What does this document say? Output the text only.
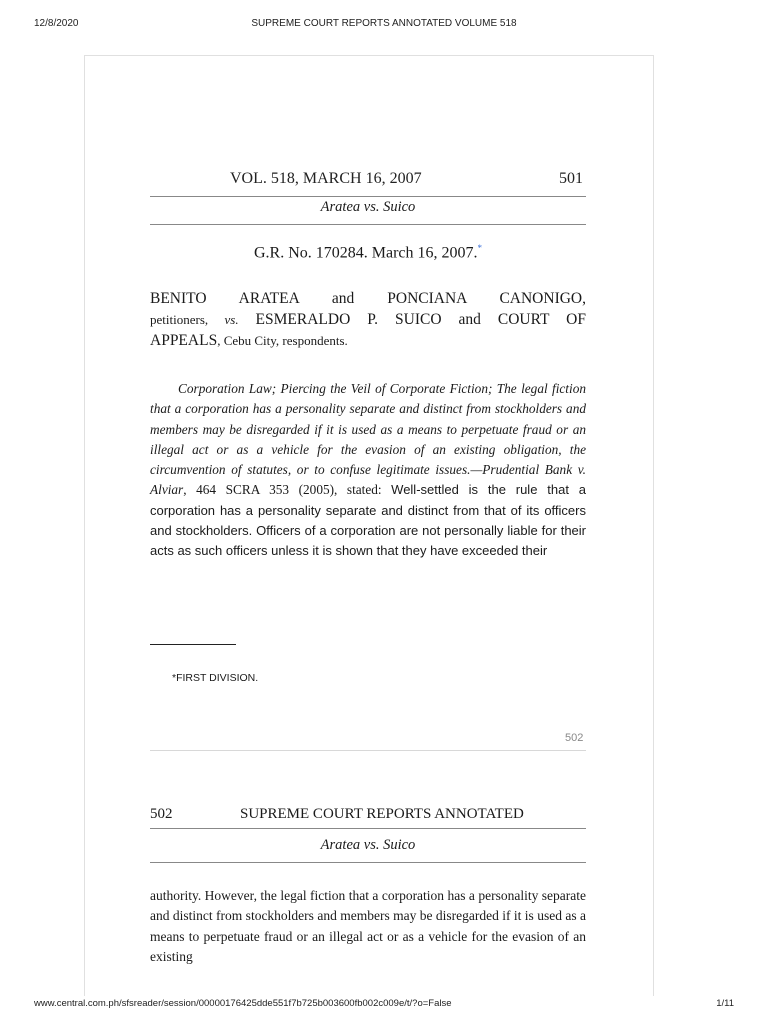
12/8/2020	SUPREME COURT REPORTS ANNOTATED VOLUME 518
VOL. 518, MARCH 16, 2007	501
Aratea vs. Suico
G.R. No. 170284. March 16, 2007.*
BENITO ARATEA and PONCIANA CANONIGO,
petitioners, vs. ESMERALDO P. SUICO and COURT OF

APPEALS, Cebu City, respondents.
Corporation Law; Piercing the Veil of Corporate Fiction; The legal fiction that a corporation has a personality separate and distinct from stockholders and members may be disregarded if it is used as a means to perpetuate fraud or an illegal act or as a vehicle for the evasion of an existing obligation, the circumvention of statutes, or to confuse legitimate issues.—Prudential Bank v. Alviar, 464 SCRA 353 (2005), stated: Well-settled is the rule that a corporation has a personality separate and distinct from that of its officers and stockholders. Officers of a corporation are not personally liable for their acts as such officers unless it is shown that they have exceeded their
*FIRST DIVISION.
502
502	SUPREME COURT REPORTS ANNOTATED
Aratea vs. Suico
authority. However, the legal fiction that a corporation has a personality separate and distinct from stockholders and members may be disregarded if it is used as a means to perpetuate fraud or an illegal act or as a vehicle for the evasion of an existing
www.central.com.ph/sfsreader/session/00000176425dde551f7b725b003600fb002c009e/t/?o=False	1/11
